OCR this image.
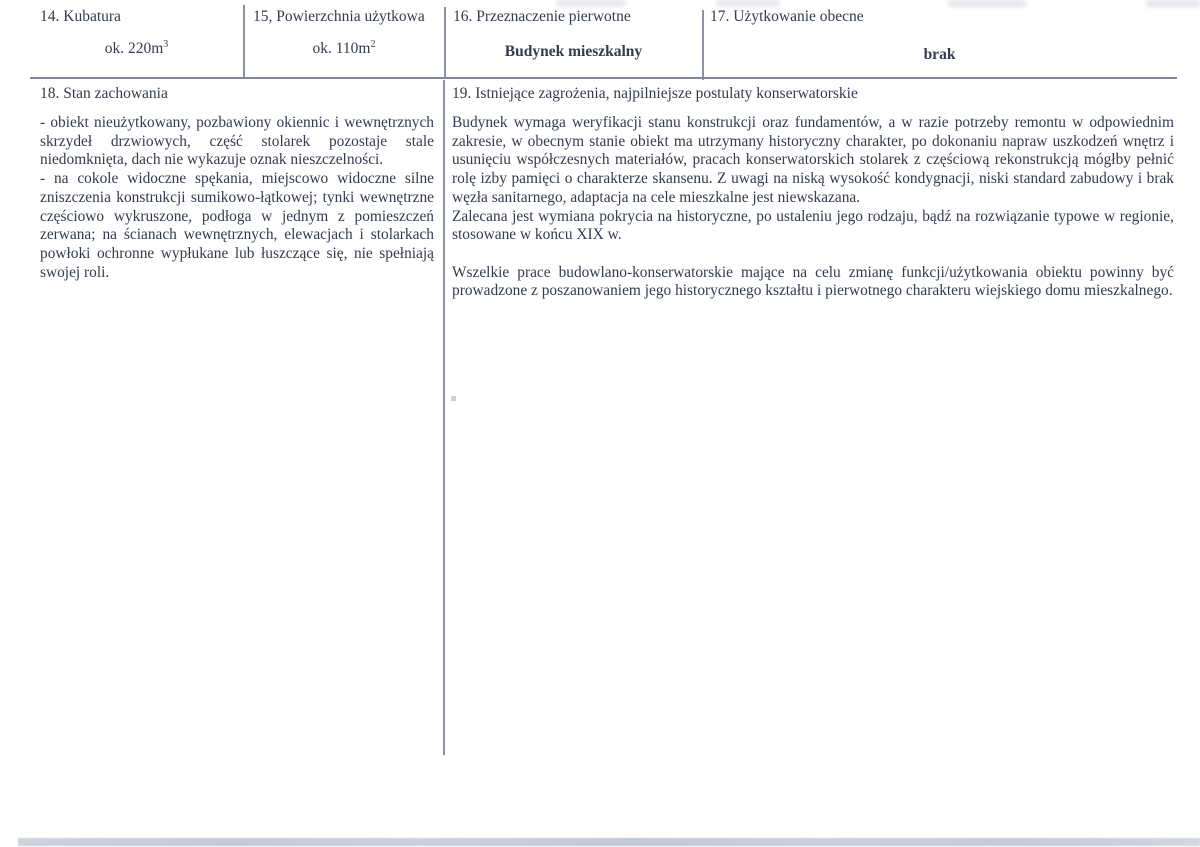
14. Kubatura
ok. $220m^3$
15, Powierzchnia użytkowa
ok. $110m^2$
16. Przeznaczenie pierwotne
Budynek mieszkalny
17. Użytkowanie obecne
brak
18. Stan zachowania

- obiekt nieużytkowany, pozbawiony okiennic i wewnętrznych skrzydeł drzwiowych, część stolarek pozostaje stale niedomknięta, dach nie wykazuje oznak nieszczelności.

- na cokole widoczne spękania, miejscowo widoczne silne zniszczenia konstrukcji sumikowo-łątkowej; tynki wewnętrzne częściowo wykruszone, podłoga w jednym z pomieszczeń zerwana; na ścianach wewnętrznych, elewacjach i stolarkach powłoki ochronne wypłukane lub łuszczące się, nie spełniają swojej roli.

19. Istniejące zagrożenia, najpilniejsze postulaty konserwatorskie

Budynek wymaga weryfikacji stanu konstrukcji oraz fundamentów, a w razie potrzeby remontu w odpowiednim zakresie, w obecnym stanie obiekt ma utrzymany historyczny charakter, po dokonaniu napraw uszkodzeń wnętrz i usunięciu współczesnych materiałów, pracach konserwatorskich stolarek z częściową rekonstrukcją mógłby pełnić rolę izby pamięci o charakterze skansenu. Z uwagi na niską wysokość kondygnacji, niski standard zabudowy i brak węzła sanitarnego, adaptacja na cele mieszkalne jest niewskazana.

Zalecana jest wymiana pokrycia na historyczne, po ustaleniu jego rodzaju, bądź na rozwiązanie typowe w regionie, stosowane w końcu XIX w.

Wszelkie prace budowlano-konserwatorskie mające na celu zmianę funkcji/użytkowania obiektu powinny być prowadzone z poszanowaniem jego historycznego kształtu i pierwotnego charakteru wiejskiego domu mieszkalnego.
